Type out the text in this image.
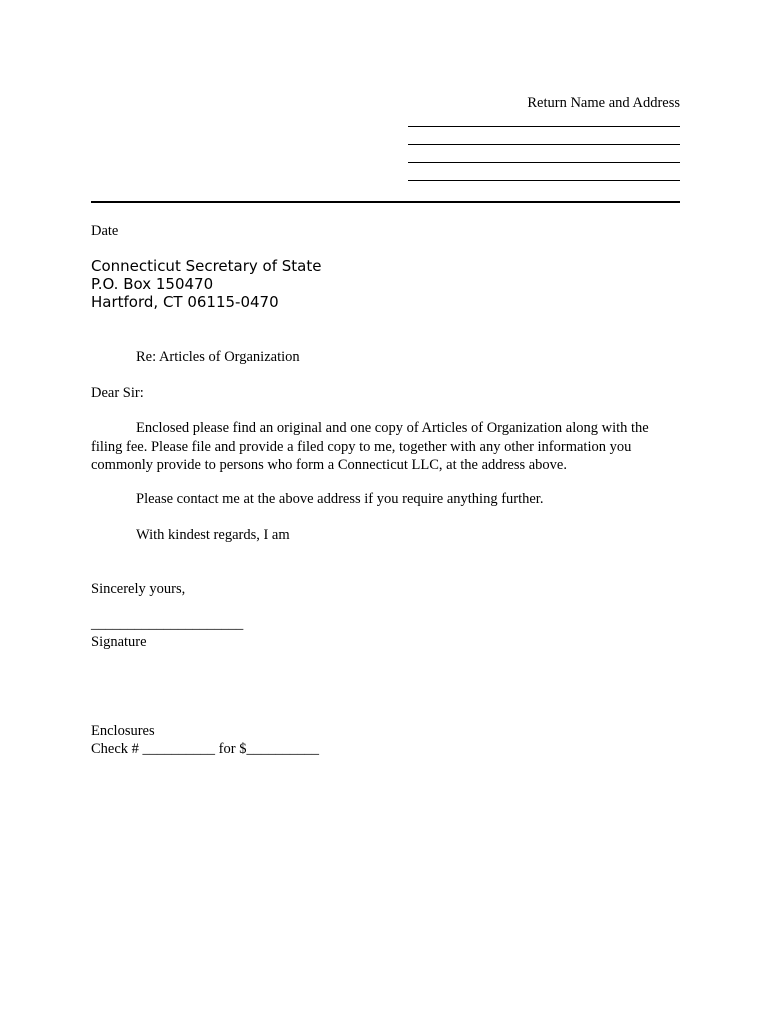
Return Name and Address
Date
Connecticut Secretary of State
P.O. Box 150470
Hartford, CT 06115-0470
Re: Articles of Organization
Dear Sir:
Enclosed please find an original and one copy of Articles of Organization along with the filing fee. Please file and provide a filed copy to me, together with any other information you commonly provide to persons who form a Connecticut LLC, at the address above.
Please contact me at the above address if you require anything further.
With kindest regards, I am
Sincerely yours,
_____________________
Signature
Enclosures
Check # __________ for $__________
